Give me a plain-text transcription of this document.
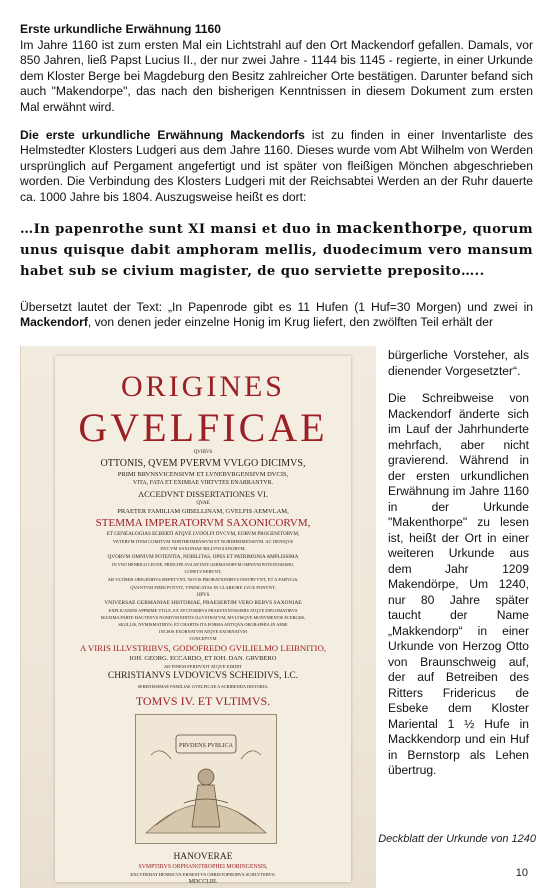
Erste urkundliche Erwähnung 1160
Im Jahre 1160 ist zum ersten Mal ein Lichtstrahl auf den Ort Mackendorf gefallen. Damals, vor 850 Jahren, ließ Papst Lucius II., der nur zwei Jahre - 1144 bis 1145 - regierte, in einer Urkunde dem Kloster Berge bei Magdeburg den Besitz zahlreicher Orte bestätigen. Darunter befand sich auch "Makendorpe", das nach den bisherigen Kenntnissen in diesem Dokument zum ersten Mal erwähnt wird.

Die erste urkundliche Erwähnung Mackendorfs ist zu finden in einer Inventarliste des Helmstedter Klosters Ludgeri aus dem Jahre 1160. Dieses wurde vom Abt Wilhelm von Werden ursprünglich auf Pergament angefertigt und ist später von fleißigen Mönchen abgeschrieben worden. Die Verbindung des Klosters Ludgeri mit der Reichsabtei Werden an der Ruhr dauerte ca. 1000 Jahre bis 1804. Auszugsweise heißt es dort:

…In papenrothe sunt XI mansi et duo in mackenthorpe, quorum unus quisque dabit amphoram mellis, duodecimum vero mansum habet sub se civium magister, de quo serviette preposito…..

Übersetzt lautet der Text: „In Papenrode gibt es 11 Hufen (1 Huf=30 Morgen) und zwei in Mackendorf, von denen jeder einzelne Honig im Krug liefert, den zwölften Teil erhält der

ORIGINES
GVELFICAE
QVIBVS
OTTONIS, QVEM PVERVM VVLGO DICIMVS,
PRIMI BRVNSVICENSIVM ET LVNEBVRGENSIVM DVCIS,
VITA, FATA ET EXIMIAE VIRTVTES ENARRANTVR.
ACCEDVNT DISSERTATIONES VI.
QVAE
PRAETER FAMILIAM GIBELLINAM, GVELFIS AEMVLAM,
STEMMA IMPERATORVM SAXONICORVM,
ET GENEALOGIAS ECBERTI ATQVE LVDOLFI DVCVM, EORVM PROGENITORVM,
VETERVM ITEM COMITVM NORTHEIMENSIVM ET NORDHEIMENSIVM, AC DENIQVE
DVCVM SAXONIAE BILLVNGIANORVM,
QVORVM OMNIVM POTENTIA, NOBILITAS, OPES ET PATRIMONIA AMPLISSIMA
IN VNO HENRICO LEONE, PRINCIPE SVA AETATE GERMANORVM OMNIVM POTENTISSIMO,
CONFLVXERVNT,
AB VLTIMIS ORIGINIBVS REPETVNT, NOVIS PROBATIONIBVS INSTRVVNT, ET A FABVLIS,
QVANTVM FIERI POTVIT, VINDICATAS IN CLARIORE LVCE PONVNT,
OPVS
VNIVERSAE GERMANIAE HISTORIAE, PRAESERTIM VERO REBVS SAXONIAE
EXPLICANDIS APPRIME VTILE, EX AVCTORIBVS PRAESTANTISSIMIS ATQVE DIPLOMATIBVS
MAXIMA PARTE HACTENVS NONDVM EDITIS ILLVSTRATVM, MVLTISQVE MONVMENTIS ECERGIIS,
SIGILLIS, NVMISMATIBVS, ET CHARTIS ITA FORMA ANTIQVA ORGRAPHIA IN AERE
INCISIS EXORNATVM ATQVE EXORNATVM
CONCEPTVM
A VIRIS ILLVSTRIBVS, GODOFREDO GVILIELMO LEIBNITIO,
IOH. GEORG. ECCARDO, ET IOH. DAN. GRVBERO
AD FINEM PERDVXIT ATQVE EDIDIT
CHRISTIANVS LVDOVICVS SCHEIDIVS, I.C.
SERENISSIMAE FAMILIAE GVELFICAE A SCRIBENDA HISTORIA.
TOMVS IV. ET VLTIMVS.
PRVDENS PVBLICA
HANOVERAE
SVMPTIBVS ORPHANOTROPHEI MORINGENSIS,
EXCVDEBAT HENRICVS ERNESTVS CHRISTOPHORVS SCHLVTERVS.
MDCCLIII.

bürgerliche Vorsteher, als dienender Vorgesetzter“.

Die Schreibweise von Mackendorf änderte sich im Lauf der Jahrhunderte mehrfach, aber nicht gravierend. Während in der ersten urkundlichen Erwähnung im Jahre 1160 in der Urkunde "Makenthorpe" zu lesen ist, heißt der Ort in einer weiteren Urkunde aus dem Jahr 1209 Makendörpe, Um 1240, nur 80 Jahre später taucht der Name „Makkendorp“ in einer Urkunde von Herzog Otto von Braunschweig auf, der auf Betreiben des Ritters Fridericus de Esbeke dem Kloster Mariental 1 ½ Hufe in Mackkendorp und ein Huf in Bernstorp als Lehen übertrug.

Deckblatt der Urkunde von 1240
10
